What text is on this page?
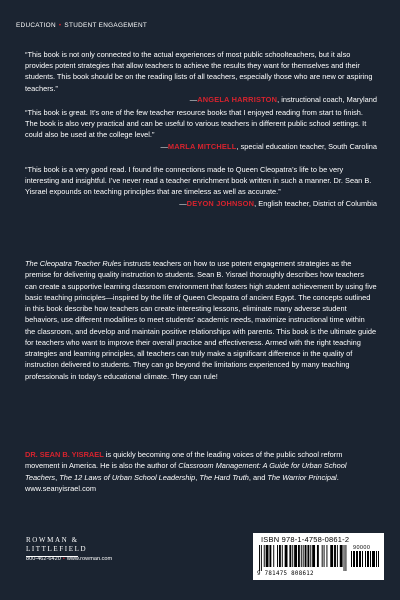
EDUCATION • STUDENT ENGAGEMENT

“This book is not only connected to the actual experiences of most public schoolteachers, but it also provides potent strategies that allow teachers to achieve the results they want for themselves and their students. This book should be on the reading lists of all teachers, especially those who are new or aspiring teachers.”

—ANGELA HARRISTON, instructional coach, Maryland

“This book is great. It’s one of the few teacher resource books that I enjoyed reading from start to finish. The book is also very practical and can be useful to various teachers in different public school settings. It could also be used at the college level.”

—MARLA MITCHELL, special education teacher, South Carolina

“This book is a very good read. I found the connections made to Queen Cleopatra’s life to be very interesting and insightful. I’ve never read a teacher enrichment book written in such a manner. Dr. Sean B. Yisrael expounds on teaching principles that are timeless as well as accurate.”

—DEYON JOHNSON, English teacher, District of Columbia

The Cleopatra Teacher Rules instructs teachers on how to use potent engagement strategies as the premise for delivering quality instruction to students. Sean B. Yisrael thoroughly describes how teachers can create a supportive learning classroom environment that fosters high student achievement by using five basic teaching principles—inspired by the life of Queen Cleopatra of ancient Egypt. The concepts outlined in this book describe how teachers can create interesting lessons, eliminate many adverse student behaviors, use different modalities to meet students’ academic needs, maximize instructional time within the classroom, and develop and maintain positive relationships with parents. This book is the ultimate guide for teachers who want to improve their overall practice and effectiveness. Armed with the right teaching strategies and learning principles, all teachers can truly make a significant difference in the quality of instruction delivered to students. They can go beyond the limitations experienced by many teaching professionals in today’s educational climate. They can rule!

DR. SEAN B. YISRAEL is quickly becoming one of the leading voices of the public school reform movement in America. He is also the author of Classroom Management: A Guide for Urban School Teachers, The 12 Laws of Urban School Leadership, The Hard Truth, and The Warrior Principal.
www.seanyisrael.com

ROWMAN &
LITTLEFIELD
800-462-6420 • www.rowman.com
ISBN 978-1-4758-0861-2
90000
9 781475 808612
